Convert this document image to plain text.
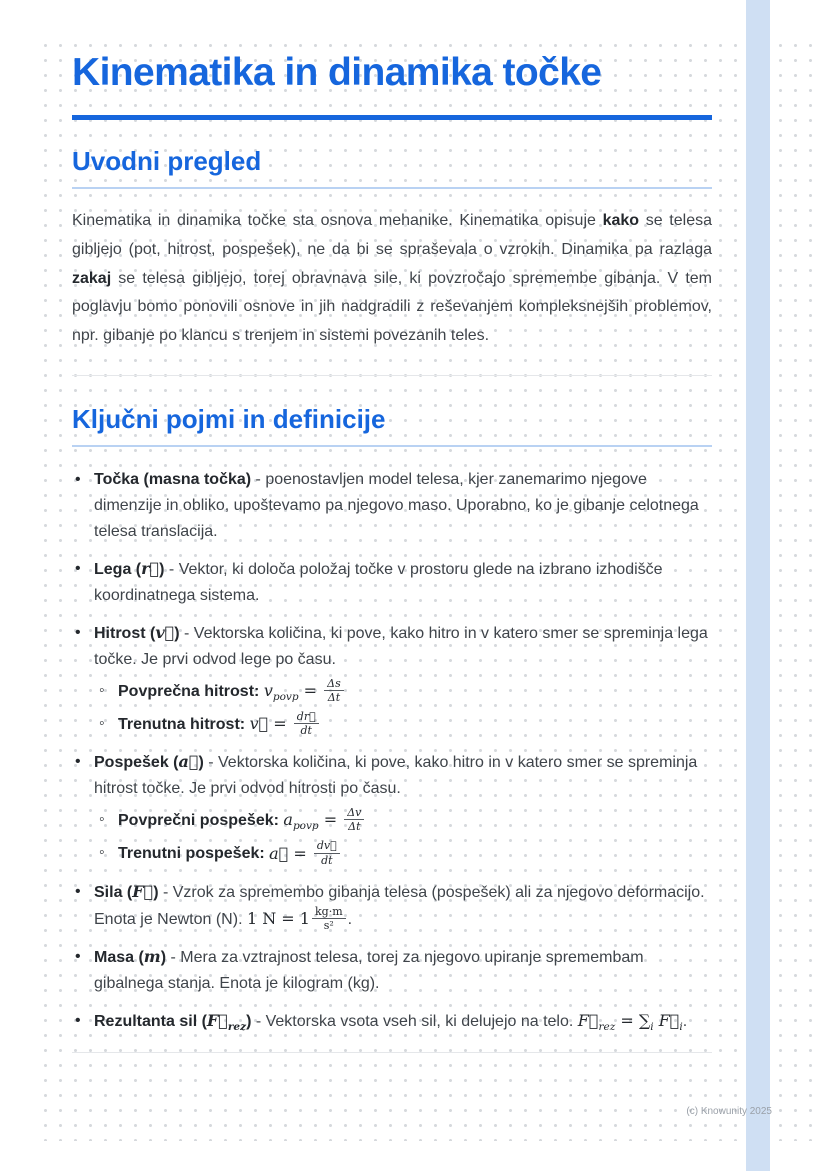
Kinematika in dinamika točke
Uvodni pregled

Kinematika in dinamika točke sta osnova mehanike. Kinematika opisuje kako se telesa gibljejo (pot, hitrost, pospešek), ne da bi se spraševala o vzrokih. Dinamika pa razlaga zakaj se telesa gibljejo, torej obravnava sile, ki povzročajo spremembe gibanja. V tem poglavju bomo ponovili osnove in jih nadgradili z reševanjem kompleksnejših problemov, npr. gibanje po klancu s trenjem in sistemi povezanih teles.

Ključni pojmi in definicije
• Točka (masna točka) - poenostavljen model telesa, kjer zanemarimo njegove dimenzije in obliko, upoštevamo pa njegovo maso. Uporabno, ko je gibanje celotnega telesa translacija.
• Lega (r⃗) - Vektor, ki določa položaj točke v prostoru glede na izbrano izhodišče koordinatnega sistema.
• Hitrost (v⃗) - Vektorska količina, ki pove, kako hitro in v katero smer se spreminja lega točke. Je prvi odvod lege po času.
◦ Povprečna hitrost: $v_{povp} = \frac{\Delta s}{\Delta t}$
◦ Trenutna hitrost: v⃗ = $\frac{dr⃗}{dt}$
• Pospešek (a⃗) - Vektorska količina, ki pove, kako hitro in v katero smer se spreminja hitrost točke. Je prvi odvod hitrosti po času.
◦ Povprečni pospešek: $a_{povp} = \frac{\Delta v}{\Delta t}$
◦ Trenutni pospešek: a⃗ = $\frac{dv⃗}{dt}$
• Sila (F⃗) - Vzrok za spremembo gibanja telesa (pospešek) ali za njegovo deformacijo. Enota je Newton (N). 1 $N = 1 \frac{kg\cdot m}{\text{s²}}$ .
• Masa (m) - Mera za vztrajnost telesa, torej za njegovo upiranje spremembam gibalnega stanja. Enota je kilogram (kg).
• Rezultanta sil $(F⃗_{rez})$ - Vektorska vsota vseh sil, ki delujejo na telo. $F⃗_{rez} = \sum_i$ $F⃗_i$.
(c) Knowunity 2025
